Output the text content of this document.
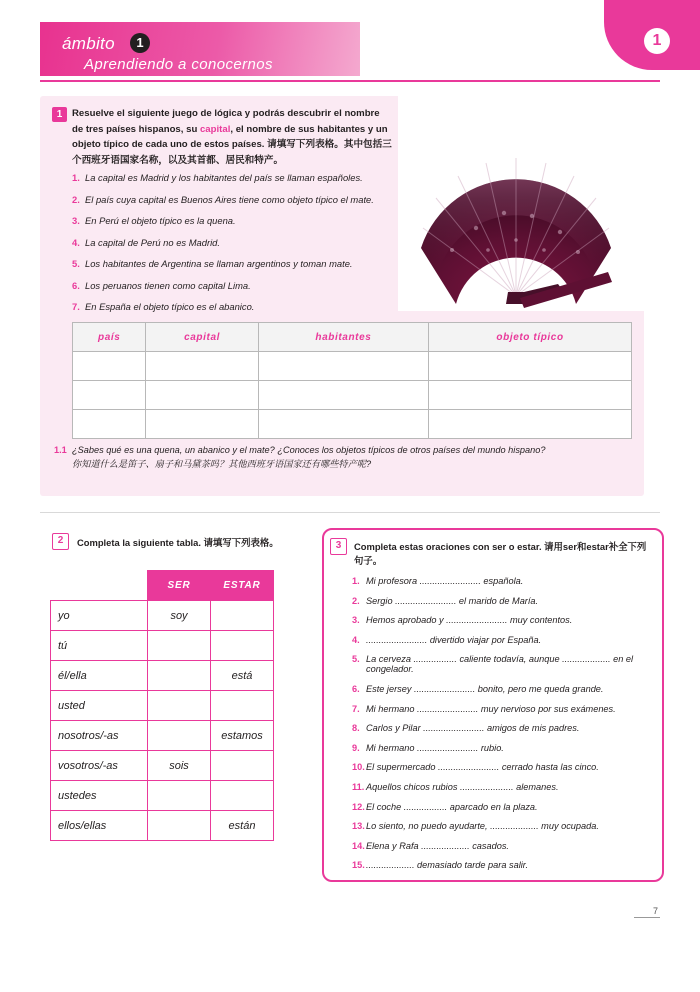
ámbito	1
Aprendiendo a conocernos
1
1	Resuelve el siguiente juego de lógica y podrás descubrir el nombre de tres países hispanos, su capital, el nombre de sus habitantes y un objeto típico de cada uno de estos países. 请填写下列表格。其中包括三个西班牙语国家名称，以及其首都、居民和特产。
1. La capital es Madrid y los habitantes del país se llaman españoles.
2. El país cuya capital es Buenos Aires tiene como objeto típico el mate.
3. En Perú el objeto típico es la quena.
4. La capital de Perú no es Madrid.
5. Los habitantes de Argentina se llaman argentinos y toman mate.
6. Los peruanos tienen como capital Lima.
7. En España el objeto típico es el abanico.
país	capital	habitantes	objeto típico

1.1 ¿Sabes qué es una quena, un abanico y el mate? ¿Conoces los objetos típicos de otros países del mundo hispano? 你知道什么是笛子、扇子和马黛茶吗？其他西班牙语国家还有哪些特产呢?
2	Completa la siguiente tabla. 请填写下列表格。
	SER	ESTAR
yo	soy	
tú		
él/ella		está
usted		
nosotros/-as		estamos
vosotros/-as	sois	
ustedes		
ellos/ellas		están
3	Completa estas oraciones con ser o estar. 请用ser和estar补全下列句子。
1. Mi profesora ........................ española.
2. Sergio ........................ el marido de María.
3. Hemos aprobado y ........................ muy contentos.
4. ........................ divertido viajar por España.
5. La cerveza ................. caliente todavía, aunque ................... en el congelador.
6. Este jersey ........................ bonito, pero me queda grande.
7. Mi hermano ........................ muy nervioso por sus exámenes.
8. Carlos y Pilar ........................ amigos de mis padres.
9. Mi hermano ........................ rubio.
10. El supermercado ........................ cerrado hasta las cinco.
11. Aquellos chicos rubios ..................... alemanes.
12. El coche ................. aparcado en la plaza.
13. Lo siento, no puedo ayudarte, ................... muy ocupada.
14. Elena y Rafa ................... casados.
15. ................... demasiado tarde para salir.
7
